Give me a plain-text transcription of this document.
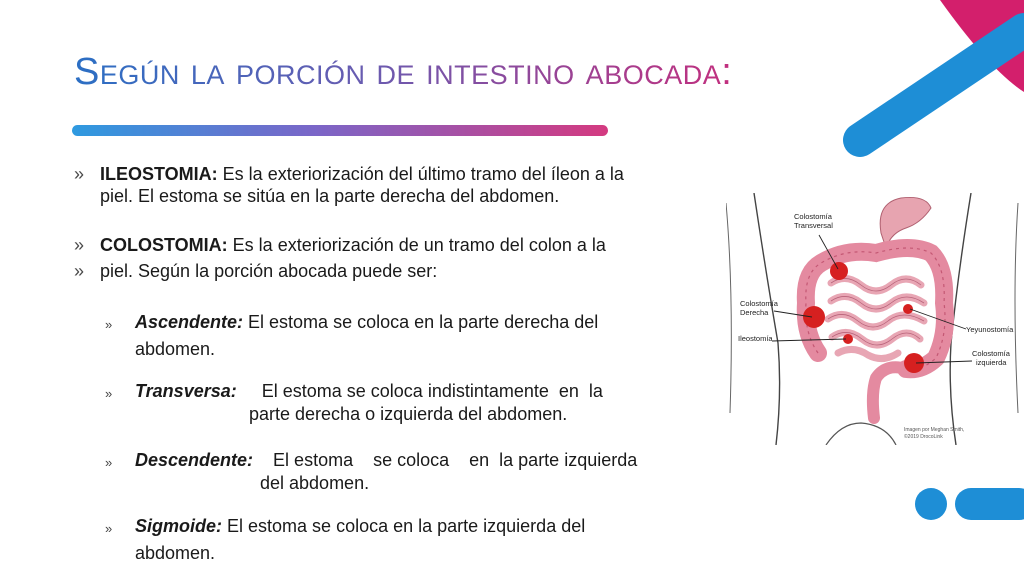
Según la porción de intestino abocada:
» ILEOSTOMIA: Es la exteriorización del último tramo del íleon a la
piel. El estoma se sitúa en la parte derecha del abdomen.
» COLOSTOMIA: Es la exteriorización de un tramo del colon a la
» piel. Según la porción abocada puede ser:
» Ascendente: El estoma se coloca en la parte derecha del
abdomen.
» Transversa:     El estoma se coloca indistintamente  en  la
parte derecha o izquierda del abdomen.
» Descendente:    El estoma    se coloca    en  la parte izquierda
del abdomen.
» Sigmoide: El estoma se coloca en la parte izquierda del
abdomen.
Colostomía
Transversal
Colostomía
Derecha
Ileostomía
Yeyunostomía
Colostomía
izquierda
Imagen por Meghan Smith,
©2019 DrocoLink
